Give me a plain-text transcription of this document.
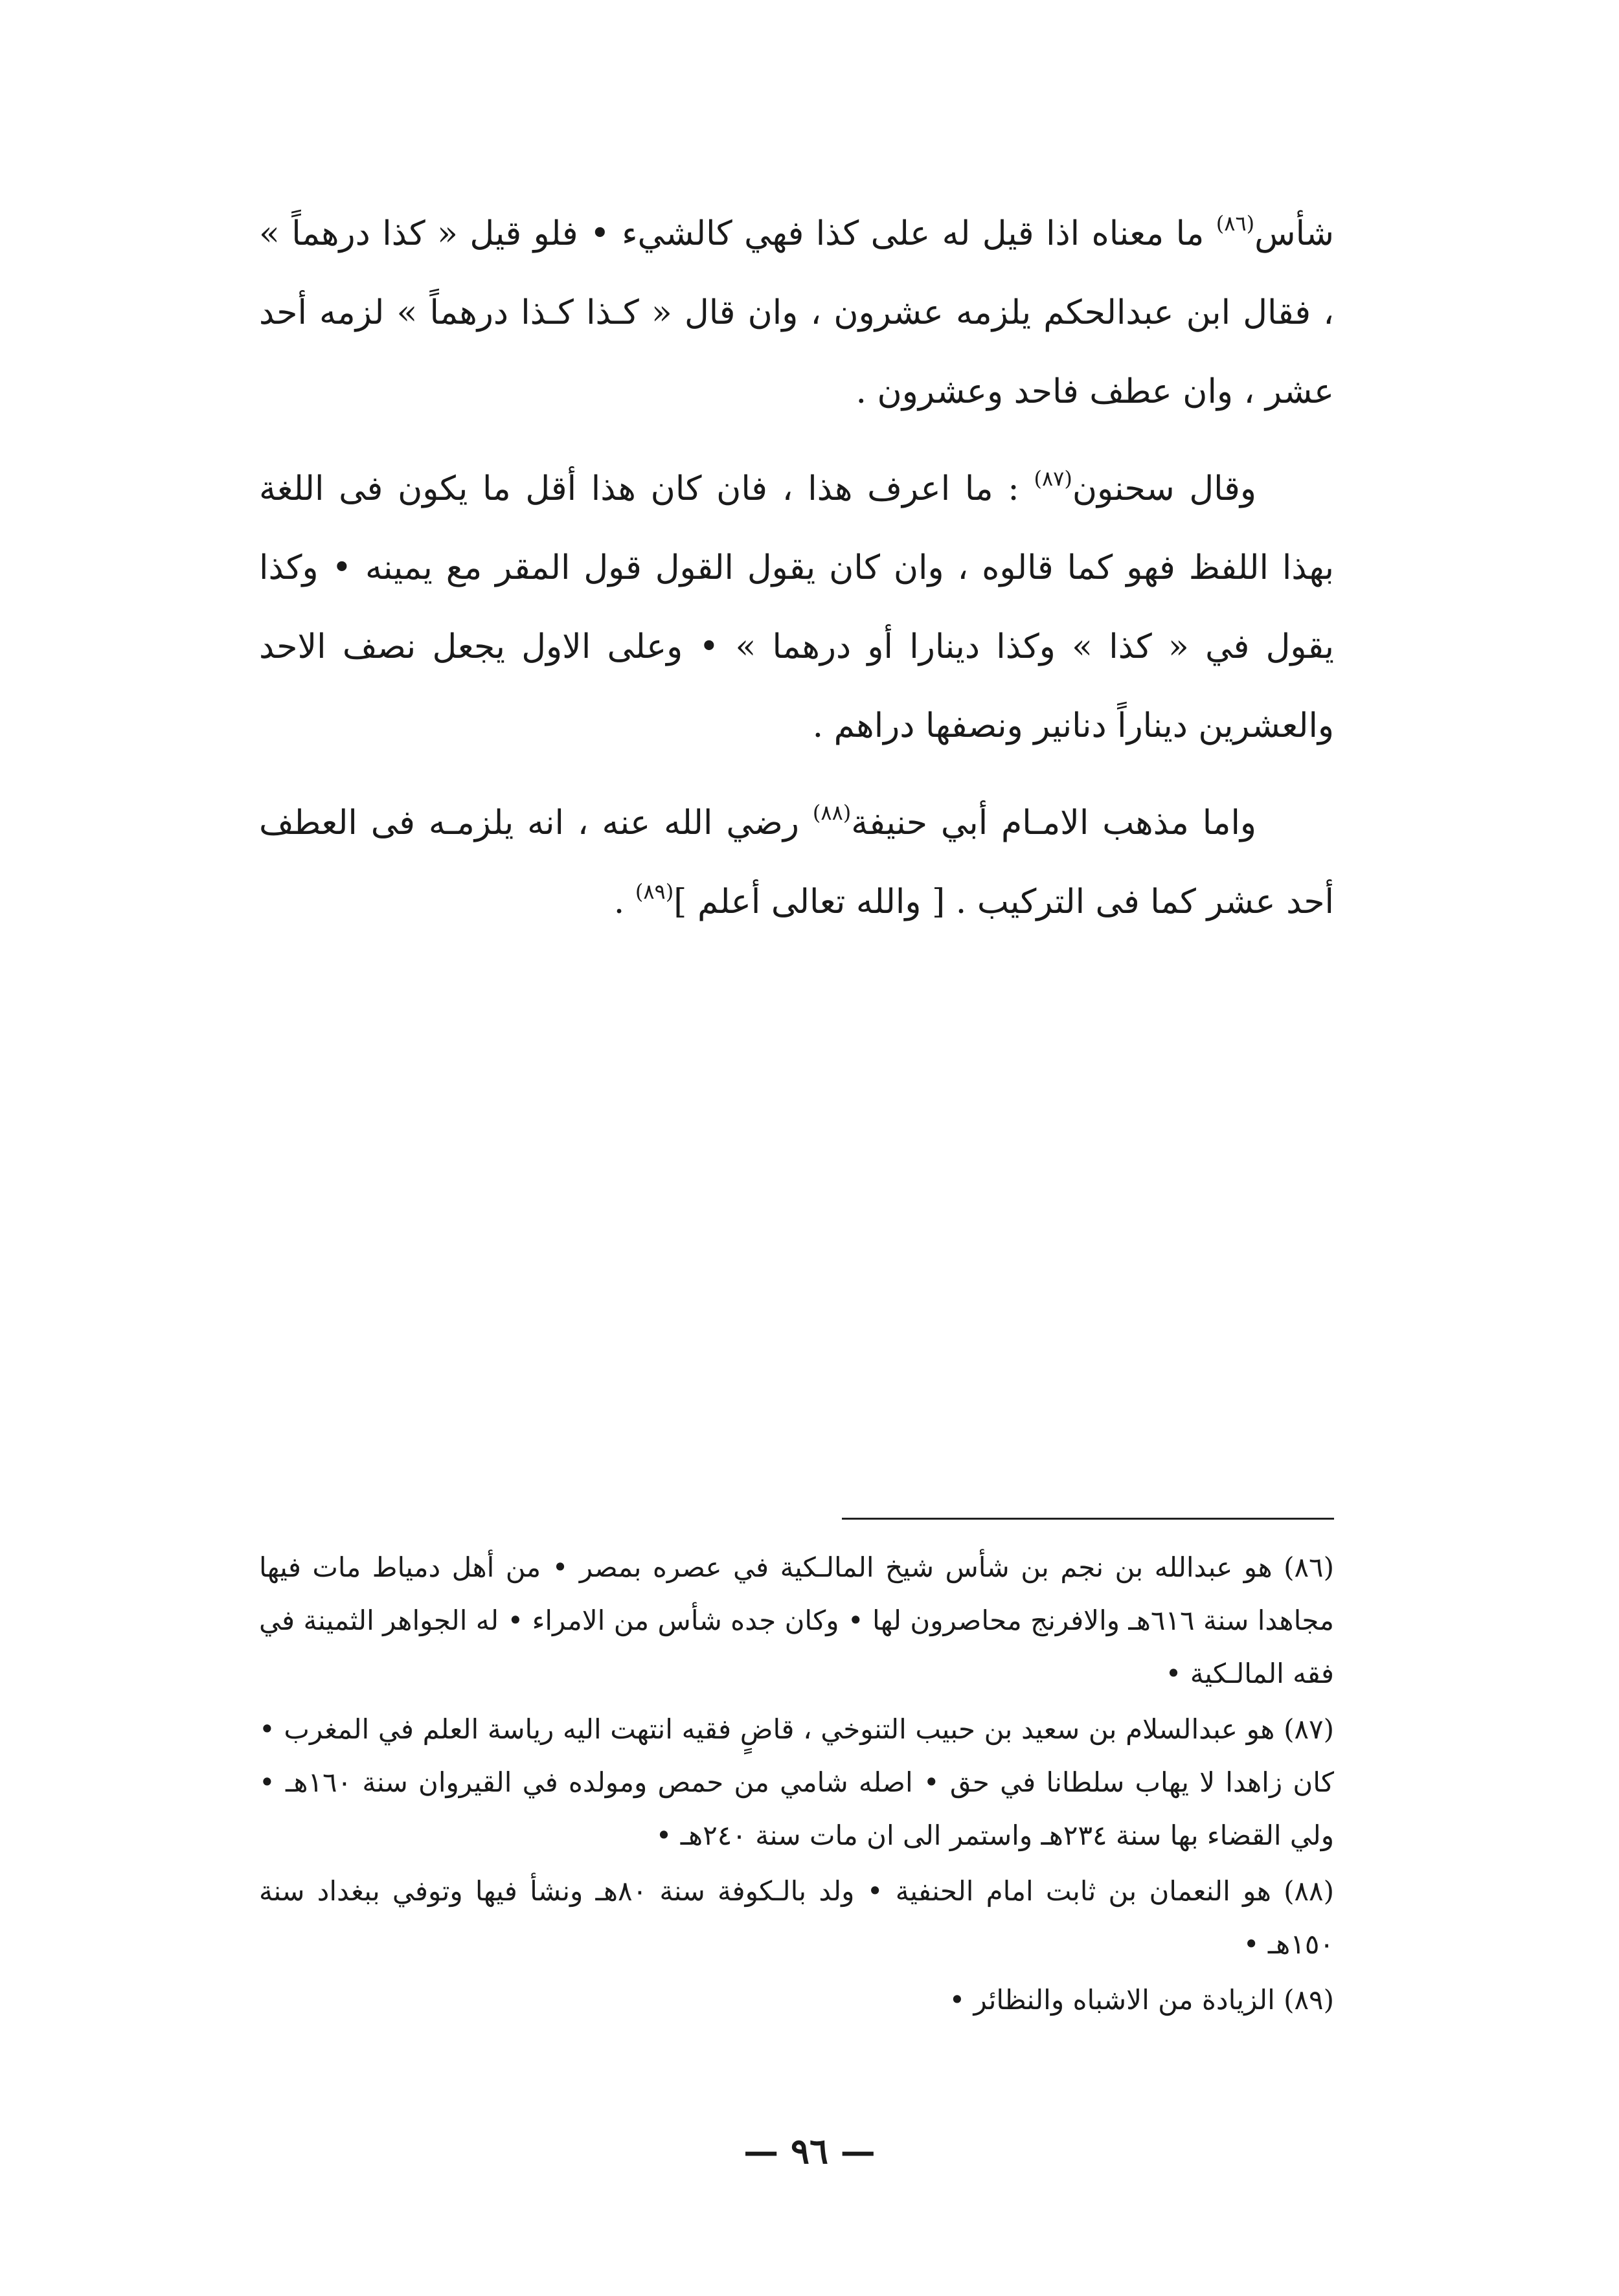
شأس$^{(٨٦)}$ ما معناه اذا قيل له على كذا فهي كالشيء • فلو قيل « كذا درهماً » ، فقال ابن عبدالحكم يلزمه عشرون ، وان قال « كـذا كـذا درهماً » لزمه أحد عشر ، وان عطف فاحد وعشرون .

وقال سحنون$^{(٨٧)}$ : ما اعرف هذا ، فان كان هذا أقل ما يكون فى اللغة بهذا اللفظ فهو كما قالوه ، وان كان يقول القول قول المقر مع يمينه • وكذا يقول في « كذا » وكذا دينارا أو درهما » • وعلى الاول يجعل نصف الاحد والعشرين ديناراً دنانير ونصفها دراهم .

واما مذهب الامـام أبي حنيفة$^{(٨٨)}$ رضي الله عنه ، انه يلزمـه فى العطف أحد عشر كما فى التركيب . [ والله تعالى أعلم ]$^{(٨٩)}$ .

(٨٦) هو عبدالله بن نجم بن شأس شيخ المالـكية في عصره بمصر • من أهل دمياط مات فيها مجاهدا سنة ٦١٦هـ والافرنج محاصرون لها • وكان جده شأس من الامراء • له الجواهر الثمينة في فقه المالـكية •

(٨٧) هو عبدالسلام بن سعيد بن حبيب التنوخي ، قاضٍ فقيه انتهت اليه رياسة العلم في المغرب • كان زاهدا لا يهاب سلطانا في حق • اصله شامي من حمص ومولده في القيروان سنة ١٦٠هـ • ولي القضاء بها سنة ٢٣٤هـ واستمر الى ان مات سنة ٢٤٠هـ •

(٨٨) هو النعمان بن ثابت امام الحنفية • ولد بالـكوفة سنة ٨٠هـ ونشأ فيها وتوفي ببغداد سنة ١٥٠هـ •

(٨٩) الزيادة من الاشباه والنظائر •

— ٩٦ —
